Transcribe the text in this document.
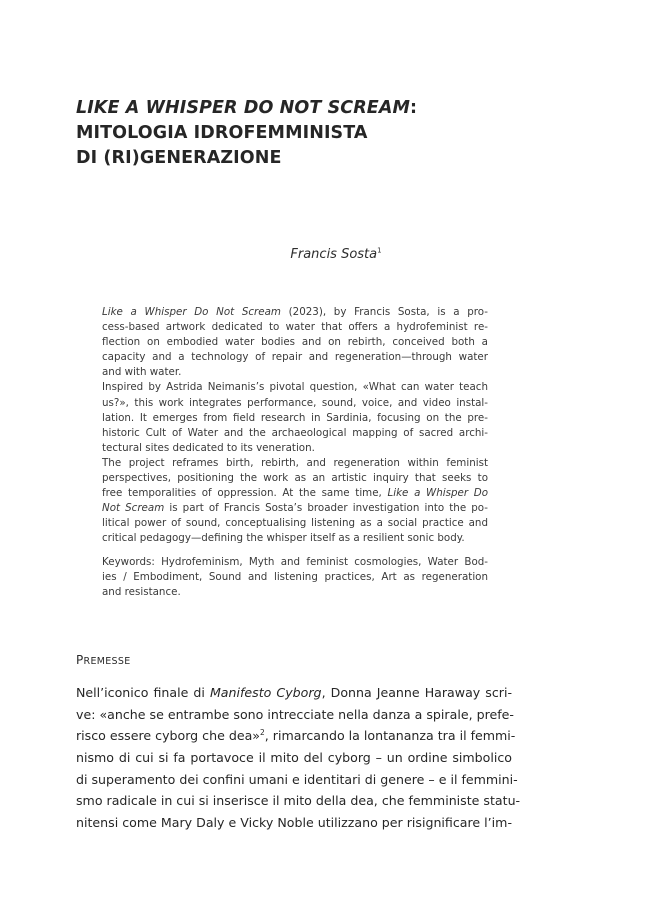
LIKE A WHISPER DO NOT SCREAM:
MITOLOGIA IDROFEMMINISTA
DI (RI)GENERAZIONE
Francis Sosta$^1$
Like a Whisper Do Not Scream (2023), by Francis Sosta, is a pro-
cess-based artwork dedicated to water that offers a hydrofeminist re-
flection on embodied water bodies and on rebirth, conceived both a
capacity and a technology of repair and regeneration—through water
and with water.
Inspired by Astrida Neimanis’s pivotal question, «What can water teach
us?», this work integrates performance, sound, voice, and video instal-
lation. It emerges from field research in Sardinia, focusing on the pre-
historic Cult of Water and the archaeological mapping of sacred archi-
tectural sites dedicated to its veneration.
The project reframes birth, rebirth, and regeneration within feminist
perspectives, positioning the work as an artistic inquiry that seeks to
free temporalities of oppression. At the same time, Like a Whisper Do
Not Scream is part of Francis Sosta’s broader investigation into the po-
litical power of sound, conceptualising listening as a social practice and
critical pedagogy—defining the whisper itself as a resilient sonic body.
Keywords: Hydrofeminism, Myth and feminist cosmologies, Water Bod-
ies / Embodiment, Sound and listening practices, Art as regeneration
and resistance.
PREMESSE
Nell’iconico finale di Manifesto Cyborg, Donna Jeanne Haraway scri-
ve: «anche se entrambe sono intrecciate nella danza a spirale, prefe-
risco essere cyborg che dea»$^2$, rimarcando la lontananza tra il femmi-
nismo di cui si fa portavoce il mito del cyborg – un ordine simbolico
di superamento dei confini umani e identitari di genere – e il femmini-
smo radicale in cui si inserisce il mito della dea, che femministe statu-
nitensi come Mary Daly e Vicky Noble utilizzano per risignificare l’im-
